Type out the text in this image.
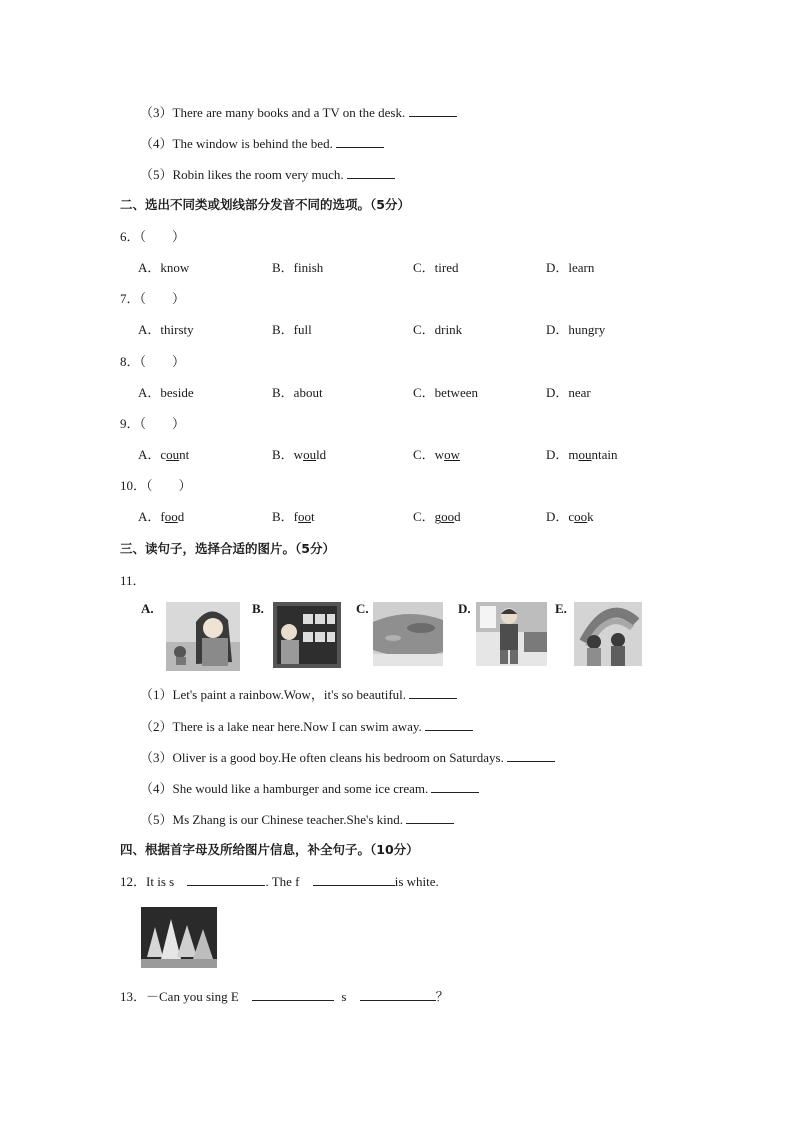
（3）There are many books and a TV on the desk.
（4）The window is behind the bed.
（5）Robin likes the room very much.
二、选出不同类或划线部分发音不同的选项。（5分）
6．（　　）
A．know	B．finish	C．tired	D．learn
7．（　　）
A．thirsty	B．full	C．drink	D．hungry
8．（　　）
A．beside	B．about	C．between	D．near
9．（　　）
A．count	B．would	C．wow	D．mountain
10．（　　）
A．food	B．foot	C．good	D．cook
三、读句子，选择合适的图片。（5分）
11．
A.	B.	C.	D.	E.
（1）Let's paint a rainbow.Wow，it's so beautiful.
（2）There is a lake near here.Now I can swim away.
（3）Oliver is a good boy.He often cleans his bedroom on Saturdays.
（4）She would like a hamburger and some ice cream.
（5）Ms Zhang is our Chinese teacher.She's kind.
四、根据首字母及所给图片信息，补全句子。（10分）
12．It is s	. The f	is white.
13．－Can you sing E	s	？
